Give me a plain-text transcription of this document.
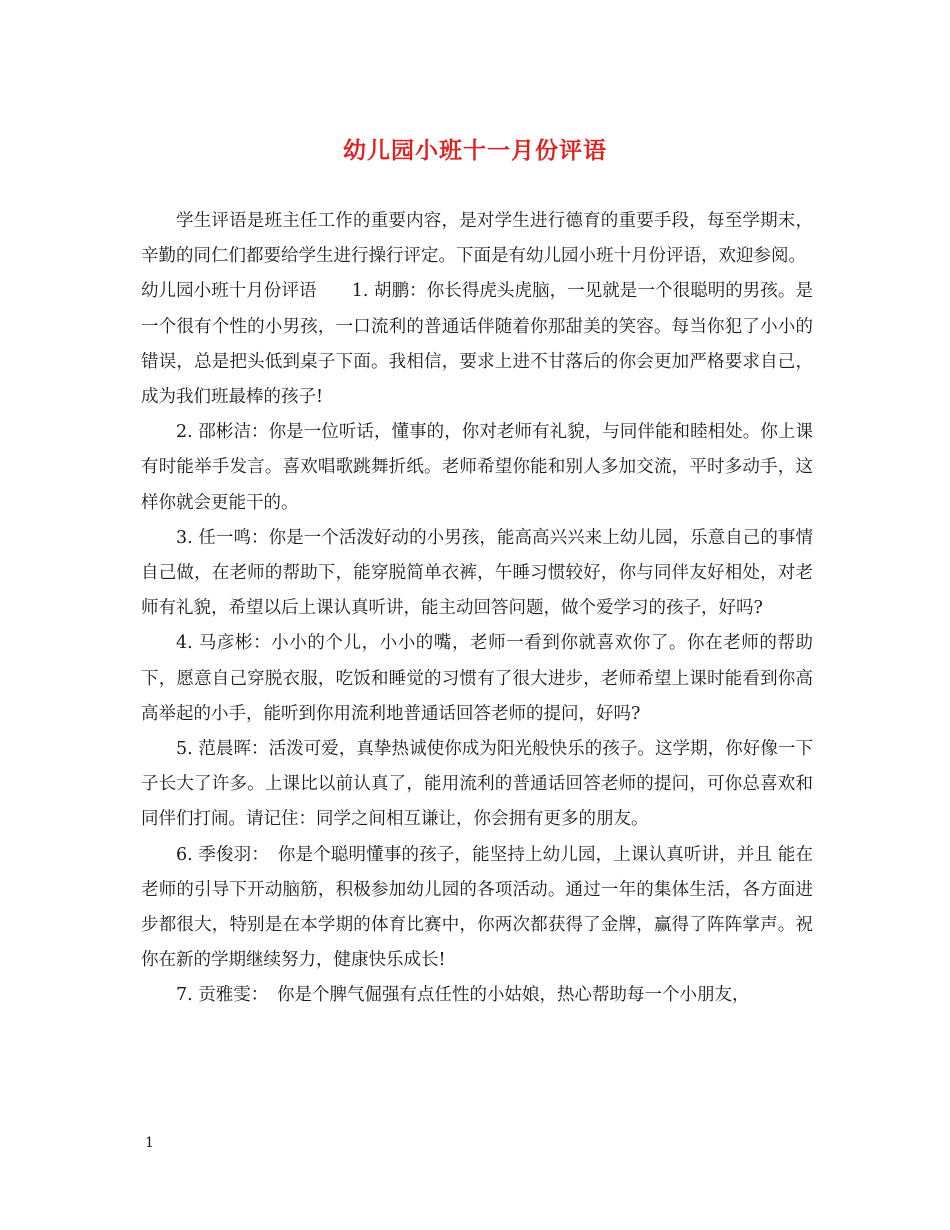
幼儿园小班十一月份评语

学生评语是班主任工作的重要内容，是对学生进行德育的重要手段，每至学期末，辛勤的同仁们都要给学生进行操行评定。下面是有幼儿园小班十月份评语，欢迎参阅。

幼儿园小班十月份评语　　1. 胡鹏：你长得虎头虎脑，一见就是一个很聪明的男孩。是一个很有个性的小男孩，一口流利的普通话伴随着你那甜美的笑容。每当你犯了小小的错误，总是把头低到桌子下面。我相信，要求上进不甘落后的你会更加严格要求自己，成为我们班最棒的孩子!

2. 邵彬洁：你是一位听话，懂事的，你对老师有礼貌，与同伴能和睦相处。你上课有时能举手发言。喜欢唱歌跳舞折纸。老师希望你能和别人多加交流，平时多动手，这样你就会更能干的。

3. 任一鸣：你是一个活泼好动的小男孩，能高高兴兴来上幼儿园，乐意自己的事情自己做，在老师的帮助下，能穿脱简单衣裤，午睡习惯较好，你与同伴友好相处，对老师有礼貌，希望以后上课认真听讲，能主动回答问题，做个爱学习的孩子，好吗?

4. 马彦彬：小小的个儿，小小的嘴，老师一看到你就喜欢你了。你在老师的帮助下，愿意自己穿脱衣服，吃饭和睡觉的习惯有了很大进步，老师希望上课时能看到你高高举起的小手，能听到你用流利地普通话回答老师的提问，好吗?

5. 范晨晖：活泼可爱，真挚热诚使你成为阳光般快乐的孩子。这学期，你好像一下子长大了许多。上课比以前认真了，能用流利的普通话回答老师的提问，可你总喜欢和同伴们打闹。请记住：同学之间相互谦让，你会拥有更多的朋友。

6. 季俊羽：　你是个聪明懂事的孩子，能坚持上幼儿园，上课认真听讲，并且 能在 老师的引导下开动脑筋，积极参加幼儿园的各项活动。通过一年的集体生活，各方面进步都很大，特别是在本学期的体育比赛中，你两次都获得了金牌，赢得了阵阵掌声。祝你在新的学期继续努力，健康快乐成长!

7. 贡雅雯：　你是个脾气倔强有点任性的小姑娘，热心帮助每一个小朋友，

1
